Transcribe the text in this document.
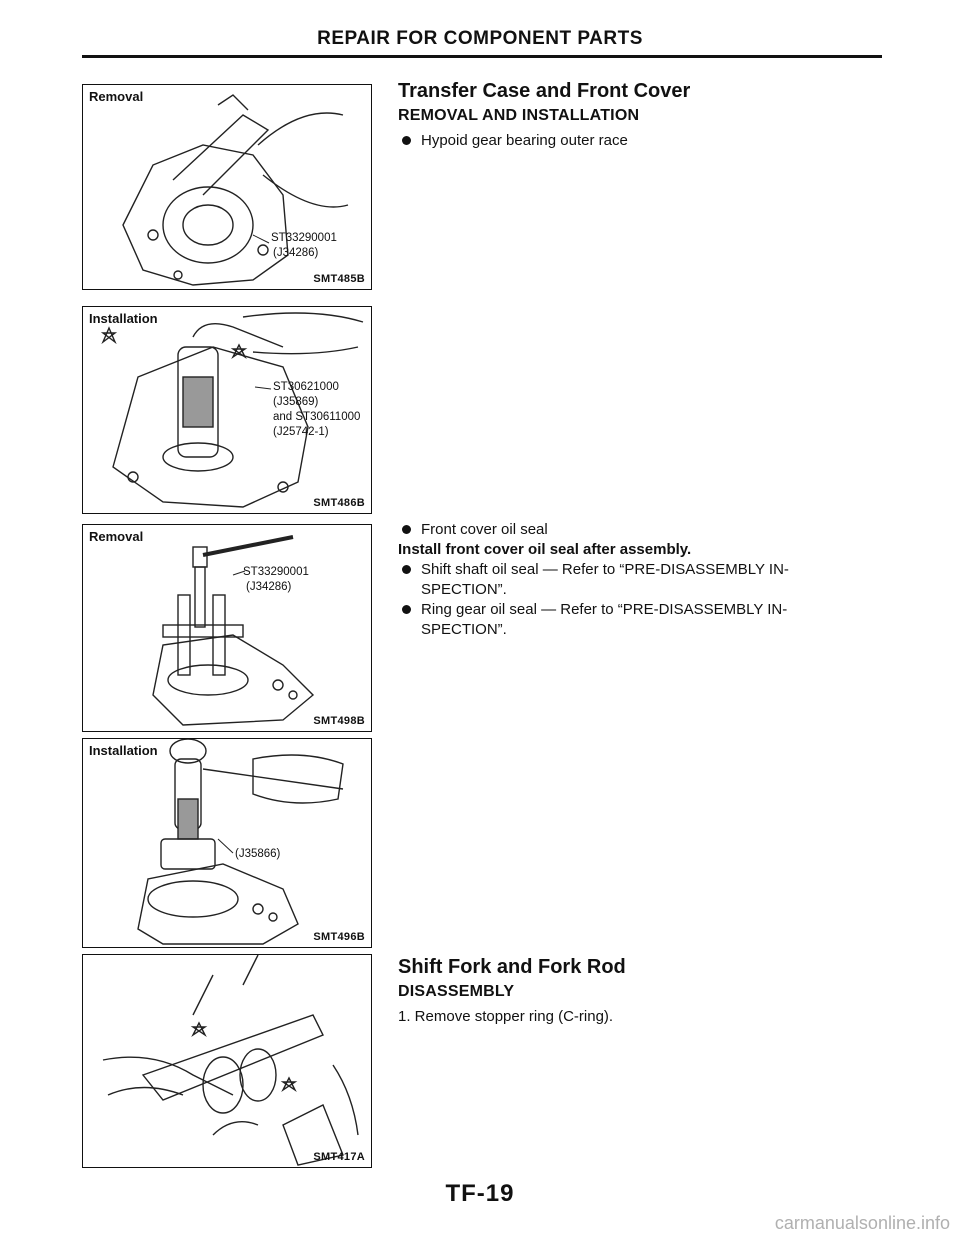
REPAIR FOR COMPONENT PARTS
Removal
ST33290001
(J34286)
SMT485B
Installation
ST30621000
(J35869)
and ST30611000
(J25742-1)
SMT486B
Removal
ST33290001
(J34286)
SMT498B
Installation
(J35866)
SMT496B
SMT417A
Transfer Case and Front Cover
REMOVAL AND INSTALLATION
Hypoid gear bearing outer race
Front cover oil seal
Install front cover oil seal after assembly.
Shift shaft oil seal — Refer to “PRE-DISASSEMBLY IN-
SPECTION”.
Ring gear oil seal — Refer to “PRE-DISASSEMBLY IN-
SPECTION”.
Shift Fork and Fork Rod
DISASSEMBLY
1. Remove stopper ring (C-ring).
TF-19
carmanualsonline.info
